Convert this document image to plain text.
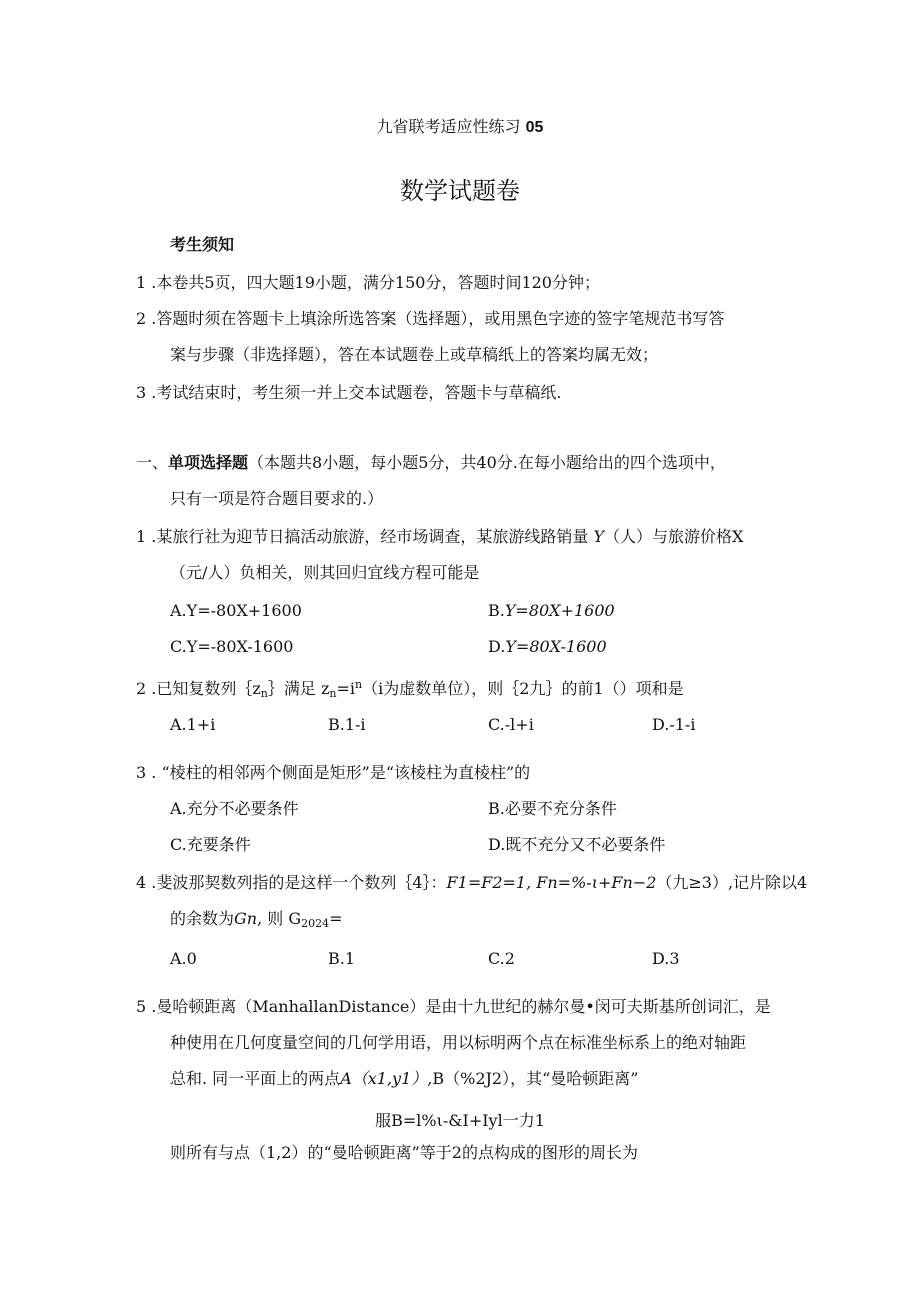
九省联考适应性练习 05
数学试题卷
考生须知
1 .本卷共5页，四大题19小题，满分150分，答题时间120分钟；
2 .答题时须在答题卡上填涂所选答案（选择题），或用黑色字迹的签字笔规范书写答
案与步骤（非选择题），答在本试题卷上或草稿纸上的答案均属无效；
3 .考试结束时，考生须一并上交本试题卷，答题卡与草稿纸.
一、单项选择题（本题共8小题，每小题5分，共40分.在每小题给出的四个选项中，
只有一项是符合题目要求的.）
1 .某旅行社为迎节日搞活动旅游，经市场调查，某旅游线路销量 Y（人）与旅游价格X
（元/人）负相关，则其回归宜线方程可能是
A.Y=-80X+1600	B.Y=80X+1600
C.Y=-80X-1600	D.Y=80X-1600
2 .已知复数列$\{z_n\}$满足 $z_n=i^n(i$为虚数单位），则｛2九｝的前1（）项和是
A.1+i	B.1-i	C.-l+i	D.-1-i
3 . “棱柱的相邻两个侧面是矩形”是“该棱柱为直棱柱”的
A.充分不必要条件	B.必要不充分条件
C.充要条件	D.既不充分又不必要条件
4 .斐波那契数列指的是这样一个数列｛4｝：F1=F2=1, Fn=%-ι+Fn−2（九≥3）,记片除以4
的余数为Gn, 则 $G_{2024}=$
A.0	B.1	C.2	D.3
5 .曼哈顿距离（ManhallanDistance）是由十九世纪的赫尔曼•闵可夫斯基所创词汇，是
种使用在几何度量空间的几何学用语，用以标明两个点在标准坐标系上的绝对轴距
总和. 同一平面上的两点A（x1,y1）,B（%2J2），其“曼哈顿距离”
服B=l%ι-&I+Iyl一力1
则所有与点（1,2）的“曼哈顿距离”等于2的点构成的图形的周长为
